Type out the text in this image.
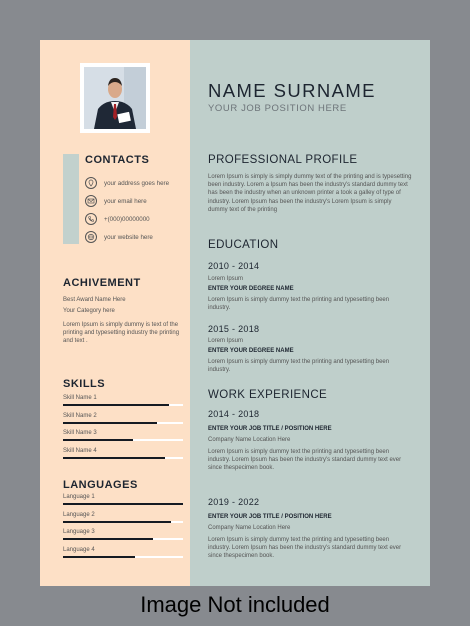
CONTACTS
your address goes here
your email here
+(000)00000000
your website here
ACHIVEMENT
Best Award Name Here
Your Category here
Lorem Ipsum is simply dummy is text of the printing and typesetting industry the printing and text .
SKILLS
Skill Name 1
Skill Name 2
Skill Name 3
Skill Name 4
LANGUAGES
Language 1
Language 2
Language 3
Language 4
NAME SURNAME
YOUR JOB POSITION HERE
PROFESSIONAL PROFILE
Lorem Ipsum is simply is simply dummy text of the printing and is typesetting been industry. Lorem a Ipsum has been the industry's standard dummy text has been the industry when an unknown printer a took a galley of type of industry. Lorem Ipsum has been the industry's Lorem Ipsum is simply dummy text of the printing
EDUCATION
2010 - 2014
Lorem Ipsum
ENTER YOUR DEGREE NAME
Lorem Ipsum is simply dummy text the printing and typesetting been industry.
2015 - 2018
Lorem Ipsum
ENTER YOUR DEGREE NAME
Lorem Ipsum is simply dummy text the printing and typesetting been industry.
WORK EXPERIENCE
2014 - 2018
ENTER YOUR JOB TITLE / POSITION HERE
Company Name Location Here
Lorem Ipsum is simply dummy text the printing and typesetting been industry. Lorem Ipsum has been the industry's standard dummy text ever since thespecimen book.
2019 - 2022
ENTER YOUR JOB TITLE / POSITION HERE
Company Name Location Here
Lorem Ipsum is simply dummy text the printing and typesetting been industry. Lorem Ipsum has been the industry's standard dummy text ever since thespecimen book.
Image Not included
